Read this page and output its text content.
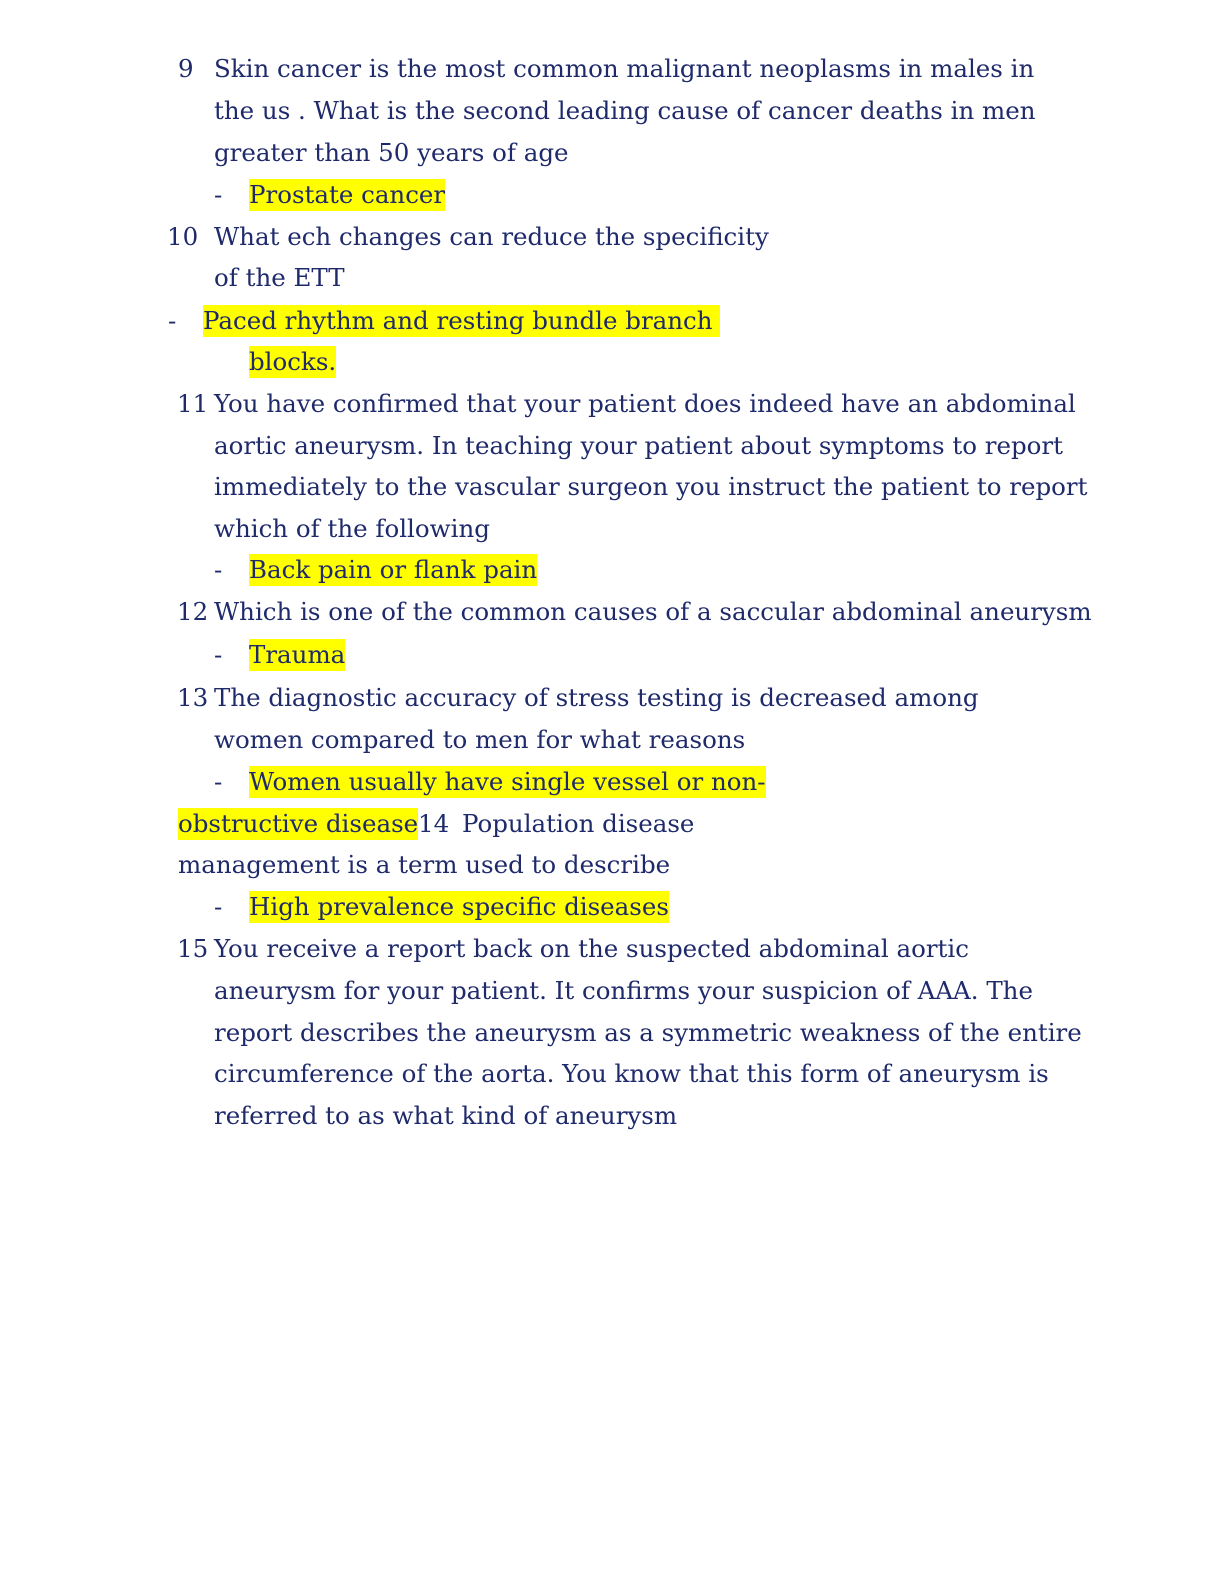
9 Skin cancer is the most common malignant neoplasms in males in
the us . What is the second leading cause of cancer deaths in men
greater than 50 years of age
- Prostate cancer
10 What ech changes can reduce the specificity
of the ETT
- Paced rhythm and resting bundle branch
blocks.
11 You have confirmed that your patient does indeed have an abdominal
aortic aneurysm. In teaching your patient about symptoms to report
immediately to the vascular surgeon you instruct the patient to report
which of the following
- Back pain or flank pain
12 Which is one of the common causes of a saccular abdominal aneurysm
- Trauma
13 The diagnostic accuracy of stress testing is decreased among
women compared to men for what reasons
- Women usually have single vessel or non-
obstructive disease 14 Population disease
management is a term used to describe
- High prevalence specific diseases
15 You receive a report back on the suspected abdominal aortic
aneurysm for your patient. It confirms your suspicion of AAA. The
report describes the aneurysm as a symmetric weakness of the entire
circumference of the aorta. You know that this form of aneurysm is
referred to as what kind of aneurysm
